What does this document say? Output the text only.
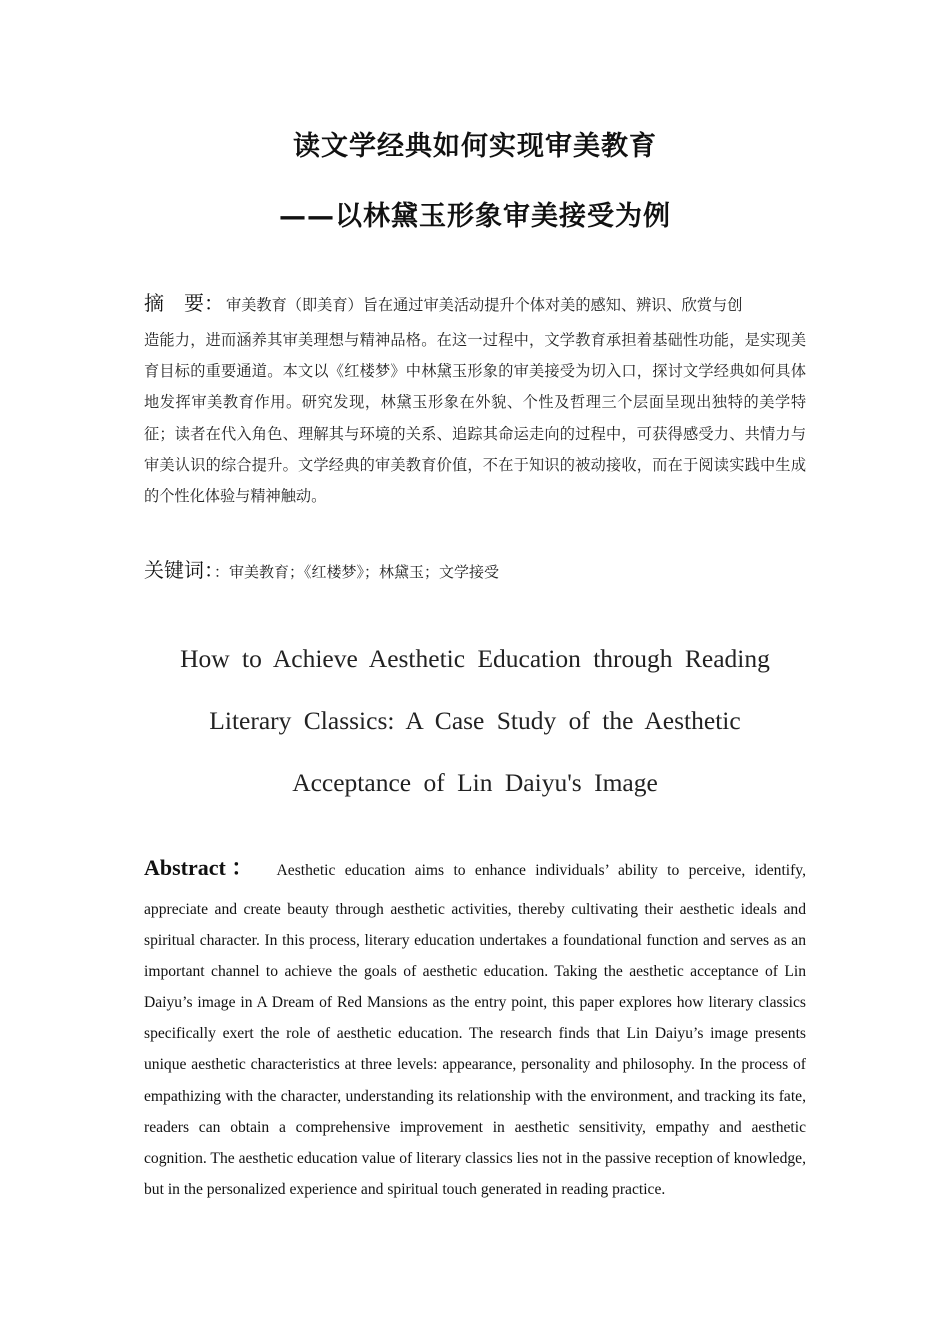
读文学经典如何实现审美教育
——以林黛玉形象审美接受为例
摘　要： 审美教育（即美育）旨在通过审美活动提升个体对美的感知、辨识、欣赏与创
造能力，进而涵养其审美理想与精神品格。在这一过程中，文学教育承担着基础性功能，是实现美育目标的重要通道。本文以《红楼梦》中林黛玉形象的审美接受为切入口，探讨文学经典如何具体地发挥审美教育作用。研究发现，林黛玉形象在外貌、个性及哲理三个层面呈现出独特的美学特征；读者在代入角色、理解其与环境的关系、追踪其命运走向的过程中，可获得感受力、共情力与审美认识的综合提升。文学经典的审美教育价值，不在于知识的被动接收，而在于阅读实践中生成的个性化体验与精神触动。
关键词：：审美教育；《红楼梦》；林黛玉；文学接受
How to Achieve Aesthetic Education through Reading
Literary Classics: A Case Study of the Aesthetic
Acceptance of Lin Daiyu's Image
Abstract： Aesthetic education aims to enhance individuals’ ability to perceive, identify,
appreciate and create beauty through aesthetic activities, thereby cultivating their aesthetic ideals and spiritual character. In this process, literary education undertakes a foundational function and serves as an important channel to achieve the goals of aesthetic education. Taking the aesthetic acceptance of Lin Daiyu’s image in A Dream of Red Mansions as the entry point, this paper explores how literary classics specifically exert the role of aesthetic education. The research finds that Lin Daiyu’s image presents unique aesthetic characteristics at three levels: appearance, personality and philosophy. In the process of empathizing with the character, understanding its relationship with the environment, and tracking its fate, readers can obtain a comprehensive improvement in aesthetic sensitivity, empathy and aesthetic cognition. The aesthetic education value of literary classics lies not in the passive reception of knowledge, but in the personalized experience and spiritual touch generated in reading practice.
